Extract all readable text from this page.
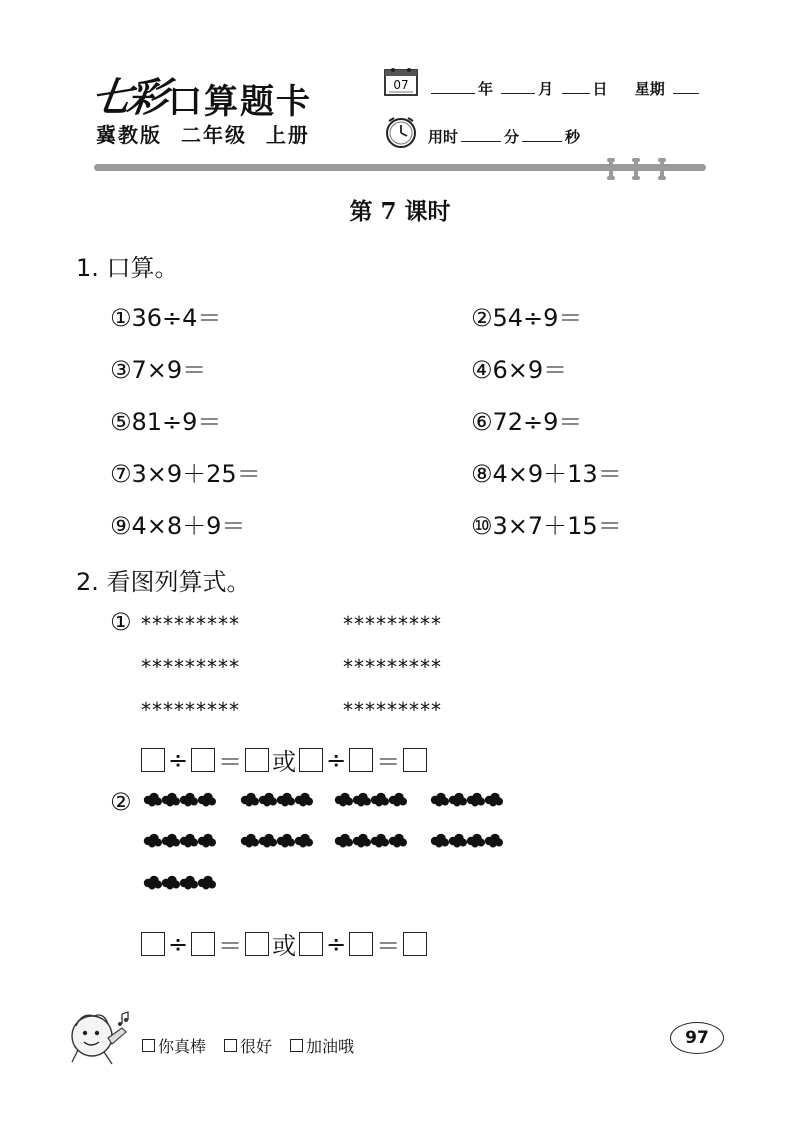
七彩 口算题卡
冀教版 二年级 上册
07	年	月	日 星期
用时	分	秒
第 7 课时
1. 口算。
①36÷4＝	②54÷9＝
③7×9＝	④6×9＝
⑤81÷9＝	⑥72÷9＝
⑦3×9＋25＝	⑧4×9＋13＝
⑨4×8＋9＝	⑩3×7＋15＝
2. 看图列算式。
① *********	*********
*********	*********
*********	*********
÷ ＝ 或 ÷ ＝
②
÷ ＝ 或 ÷ ＝
你真棒 很好 加油哦	97
